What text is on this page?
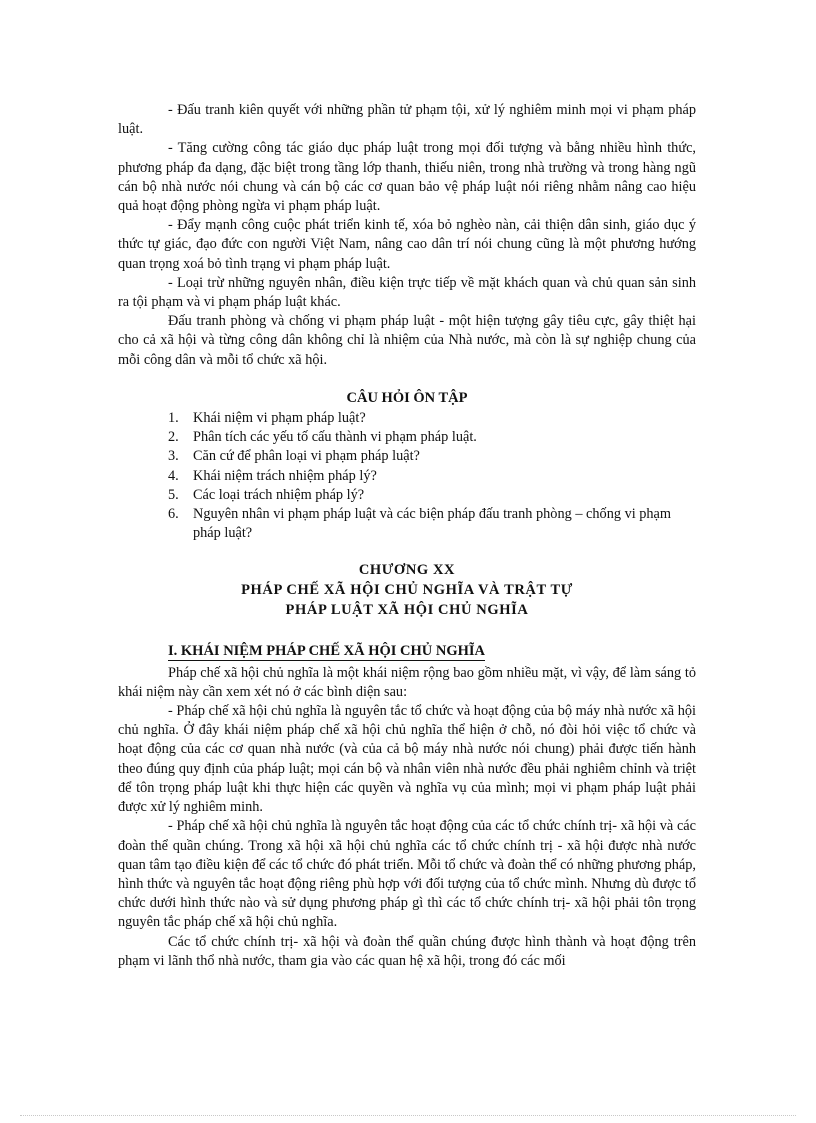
- Đấu tranh kiên quyết với những phần tử phạm tội, xử lý nghiêm minh mọi vi phạm pháp luật.

- Tăng cường công tác giáo dục pháp luật trong mọi đối tượng và bằng nhiều hình thức, phương pháp đa dạng, đặc biệt trong tầng lớp thanh, thiếu niên, trong nhà trường và trong hàng ngũ cán bộ nhà nước nói chung và cán bộ các cơ quan bảo vệ pháp luật nói riêng nhằm nâng cao hiệu quả hoạt động phòng ngừa vi phạm pháp luật.

- Đẩy mạnh công cuộc phát triển kinh tế, xóa bỏ nghèo nàn, cải thiện dân sinh, giáo dục ý thức tự giác, đạo đức con người Việt Nam, nâng cao dân trí nói chung cũng là một phương hướng quan trọng xoá bỏ tình trạng vi phạm pháp luật.

- Loại trừ những nguyên nhân, điều kiện trực tiếp về mặt khách quan và chủ quan sản sinh ra tội phạm và vi phạm pháp luật khác.

Đấu tranh phòng và chống vi phạm pháp luật - một hiện tượng gây tiêu cực, gây thiệt hại cho cả xã hội và từng công dân không chỉ là nhiệm của Nhà nước, mà còn là sự nghiệp chung của mỗi công dân và mỗi tổ chức xã hội.

CÂU HỎI ÔN TẬP
1. Khái niệm vi phạm pháp luật?
2. Phân tích các yếu tố cấu thành vi phạm pháp luật.
3. Căn cứ để phân loại vi phạm pháp luật?
4. Khái niệm trách nhiệm pháp lý?
5. Các loại trách nhiệm pháp lý?
6. Nguyên nhân vi phạm pháp luật và các biện pháp đấu tranh phòng – chống vi phạm pháp luật?
CHƯƠNG XX
PHÁP CHẾ XÃ HỘI CHỦ NGHĨA VÀ TRẬT TỰ
PHÁP LUẬT XÃ HỘI CHỦ NGHĨA
I. KHÁI NIỆM PHÁP CHẾ XÃ HỘI CHỦ NGHĨA

Pháp chế xã hội chủ nghĩa là một khái niệm rộng bao gồm nhiều mặt, vì vậy, để làm sáng tỏ khái niệm này cần xem xét nó ở các bình diện sau:

- Pháp chế xã hội chủ nghĩa là nguyên tắc tổ chức và hoạt động của bộ máy nhà nước xã hội chủ nghĩa. Ở đây khái niệm pháp chế xã hội chủ nghĩa thể hiện ở chỗ, nó đòi hỏi việc tổ chức và hoạt động của các cơ quan nhà nước (và của cả bộ máy nhà nước nói chung) phải được tiến hành theo đúng quy định của pháp luật; mọi cán bộ và nhân viên nhà nước đều phải nghiêm chỉnh và triệt để tôn trọng pháp luật khi thực hiện các quyền và nghĩa vụ của mình; mọi vi phạm pháp luật phải được xử lý nghiêm minh.

- Pháp chế xã hội chủ nghĩa là nguyên tắc hoạt động của các tổ chức chính trị- xã hội và các đoàn thể quần chúng. Trong xã hội xã hội chủ nghĩa các tổ chức chính trị - xã hội được nhà nước quan tâm tạo điều kiện để các tổ chức đó phát triển. Mỗi tổ chức và đoàn thể có những phương pháp, hình thức và nguyên tắc hoạt động riêng phù hợp với đối tượng của tổ chức mình. Nhưng dù được tổ chức dưới hình thức nào và sử dụng phương pháp gì thì các tổ chức chính trị- xã hội phải tôn trọng nguyên tắc pháp chế xã hội chủ nghĩa.

Các tổ chức chính trị- xã hội và đoàn thể quần chúng được hình thành và hoạt động trên phạm vi lãnh thổ nhà nước, tham gia vào các quan hệ xã hội, trong đó các mối
